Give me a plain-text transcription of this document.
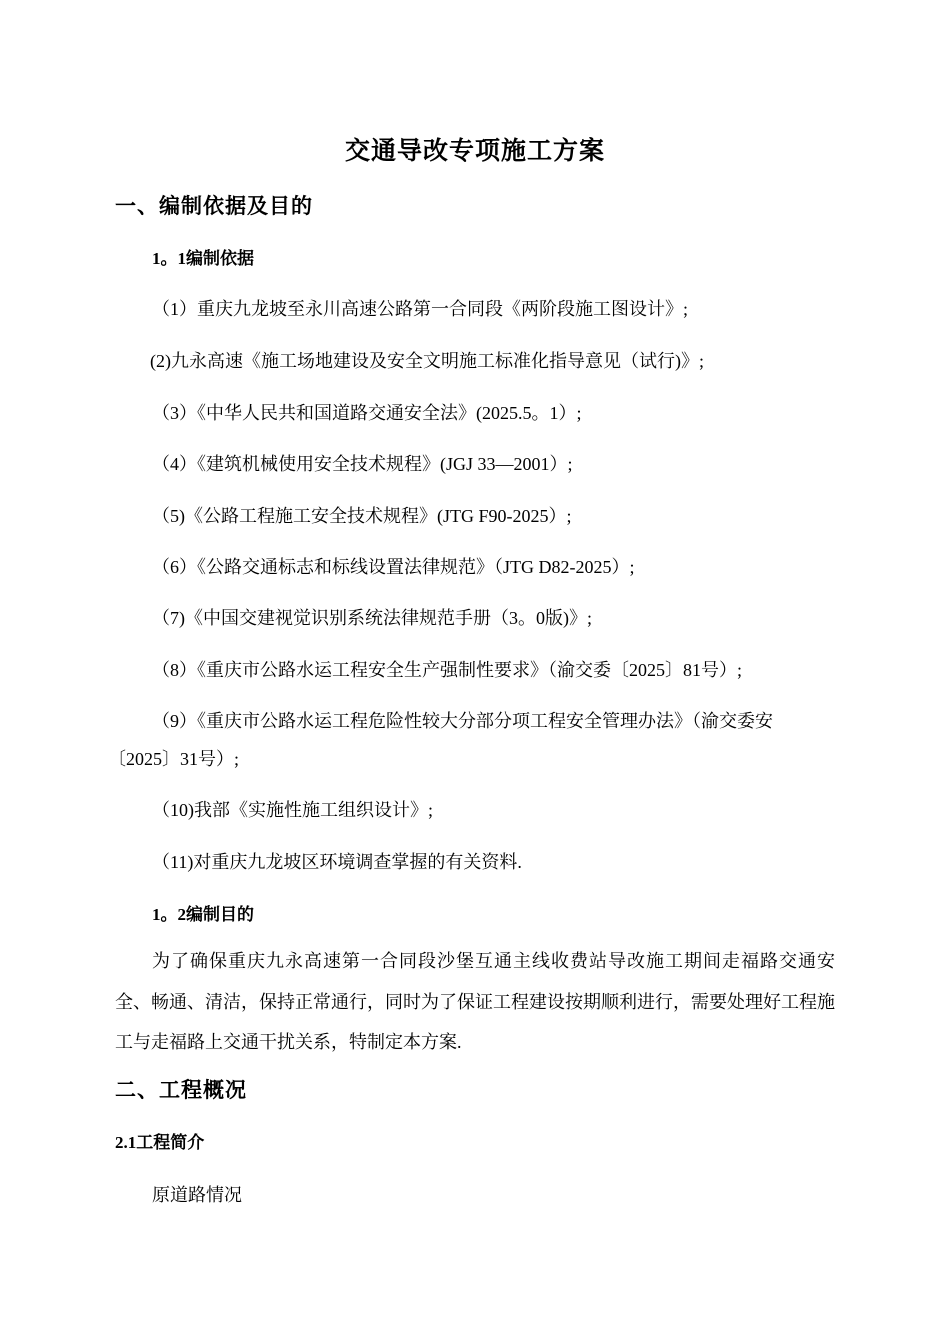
交通导改专项施工方案
一、编制依据及目的
1。1编制依据

（1）重庆九龙坡至永川高速公路第一合同段《两阶段施工图设计》;

(2)九永高速《施工场地建设及安全文明施工标准化指导意见（试行)》;

（3）《中华人民共和国道路交通安全法》(2025.5。1）;

（4）《建筑机械使用安全技术规程》(JGJ 33—2001）;

（5)《公路工程施工安全技术规程》(JTG F90-2025）;

（6）《公路交通标志和标线设置法律规范》（JTG D82-2025）;

（7)《中国交建视觉识别系统法律规范手册（3。0版)》;

（8）《重庆市公路水运工程安全生产强制性要求》（渝交委〔2025〕81号）;

（9）《重庆市公路水运工程危险性较大分部分项工程安全管理办法》（渝交委安

〔2025〕31号）;

（10)我部《实施性施工组织设计》;

（11)对重庆九龙坡区环境调查掌握的有关资料.

1。2编制目的

为了确保重庆九永高速第一合同段沙堡互通主线收费站导改施工期间走福路交通安全、畅通、清洁，保持正常通行，同时为了保证工程建设按期顺利进行，需要处理好工程施工与走福路上交通干扰关系，特制定本方案.

二、工程概况
2.1工程简介

原道路情况
